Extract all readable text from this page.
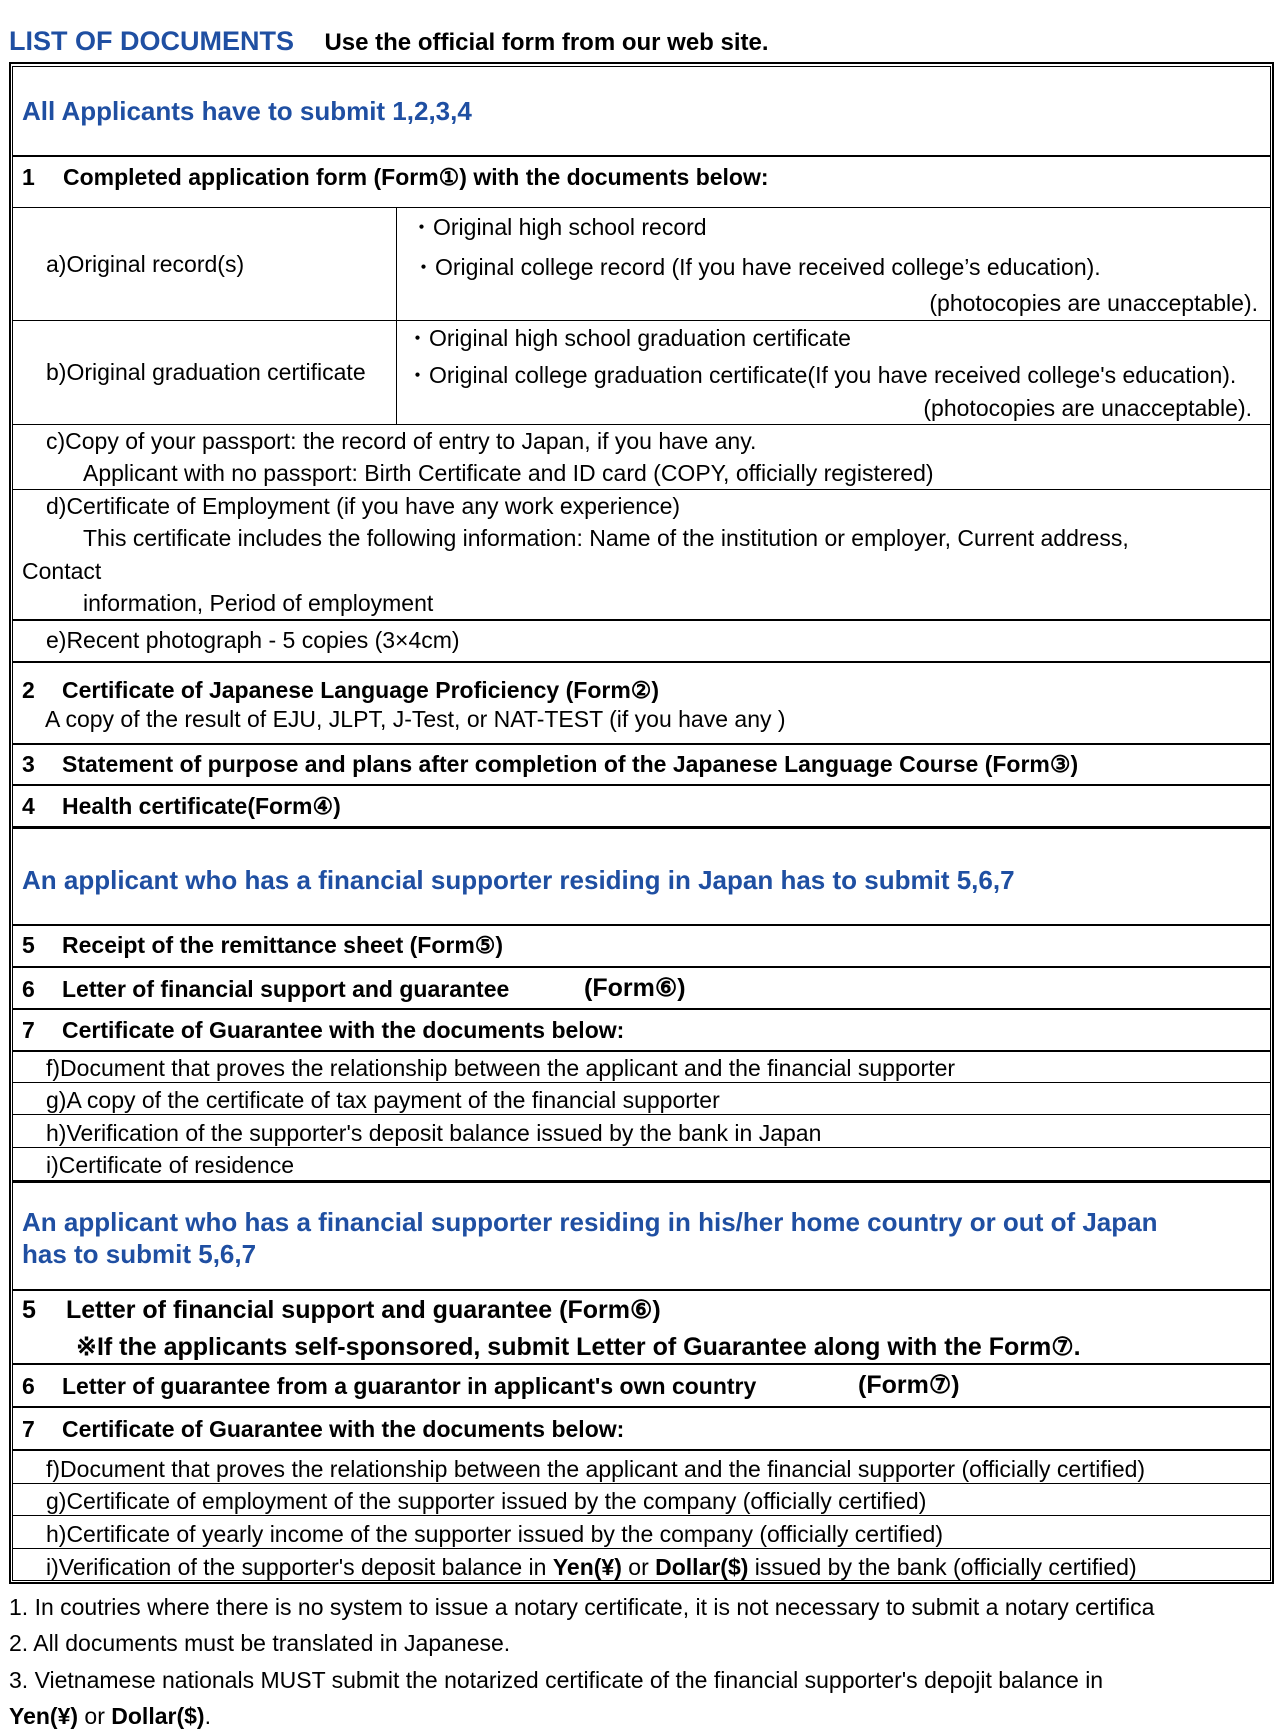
LIST OF DOCUMENTS Use the official form from our web site.
All Applicants have to submit 1,2,3,4
1 Completed application form (Form①) with the documents below:
a)Original record(s)
・Original high school record
・Original college record (If you have received college’s education).
(photocopies are unacceptable).
b)Original graduation certificate
・Original high school graduation certificate
・Original college graduation certificate(If you have received college's education).
(photocopies are unacceptable).
c)Copy of your passport: the record of entry to Japan, if you have any.
Applicant with no passport: Birth Certificate and ID card (COPY, officially registered)
d)Certificate of Employment (if you have any work experience)
This certificate includes the following information: Name of the institution or employer, Current address,
Contact
information, Period of employment
e)Recent photograph - 5 copies (3×4cm)
2 Certificate of Japanese Language Proficiency (Form②)
A copy of the result of EJU, JLPT, J-Test, or NAT-TEST (if you have any )
3 Statement of purpose and plans after completion of the Japanese Language Course (Form③)
4 Health certificate(Form④)
An applicant who has a financial supporter residing in Japan has to submit 5,6,7
5 Receipt of the remittance sheet (Form⑤)
6 Letter of financial support and guarantee	(Form⑥)
7 Certificate of Guarantee with the documents below:
f)Document that proves the relationship between the applicant and the financial supporter
g)A copy of the certificate of tax payment of the financial supporter
h)Verification of the supporter's deposit balance issued by the bank in Japan
i)Certificate of residence
An applicant who has a financial supporter residing in his/her home country or out of Japan
has to submit 5,6,7
5 Letter of financial support and guarantee (Form⑥)
※If the applicants self-sponsored, submit Letter of Guarantee along with the Form⑦.
6 Letter of guarantee from a guarantor in applicant's own country	(Form⑦)
7 Certificate of Guarantee with the documents below:
f)Document that proves the relationship between the applicant and the financial supporter (officially certified)
g)Certificate of employment of the supporter issued by the company (officially certified)
h)Certificate of yearly income of the supporter issued by the company (officially certified)
i)Verification of the supporter's deposit balance in Yen(¥) or Dollar($) issued by the bank (officially certified)
1. In coutries where there is no system to issue a notary certificate, it is not necessary to submit a notary certifica
2. All documents must be translated in Japanese.
3. Vietnamese nationals MUST submit the notarized certificate of the financial supporter's depojit balance in
Yen(¥) or Dollar($).
